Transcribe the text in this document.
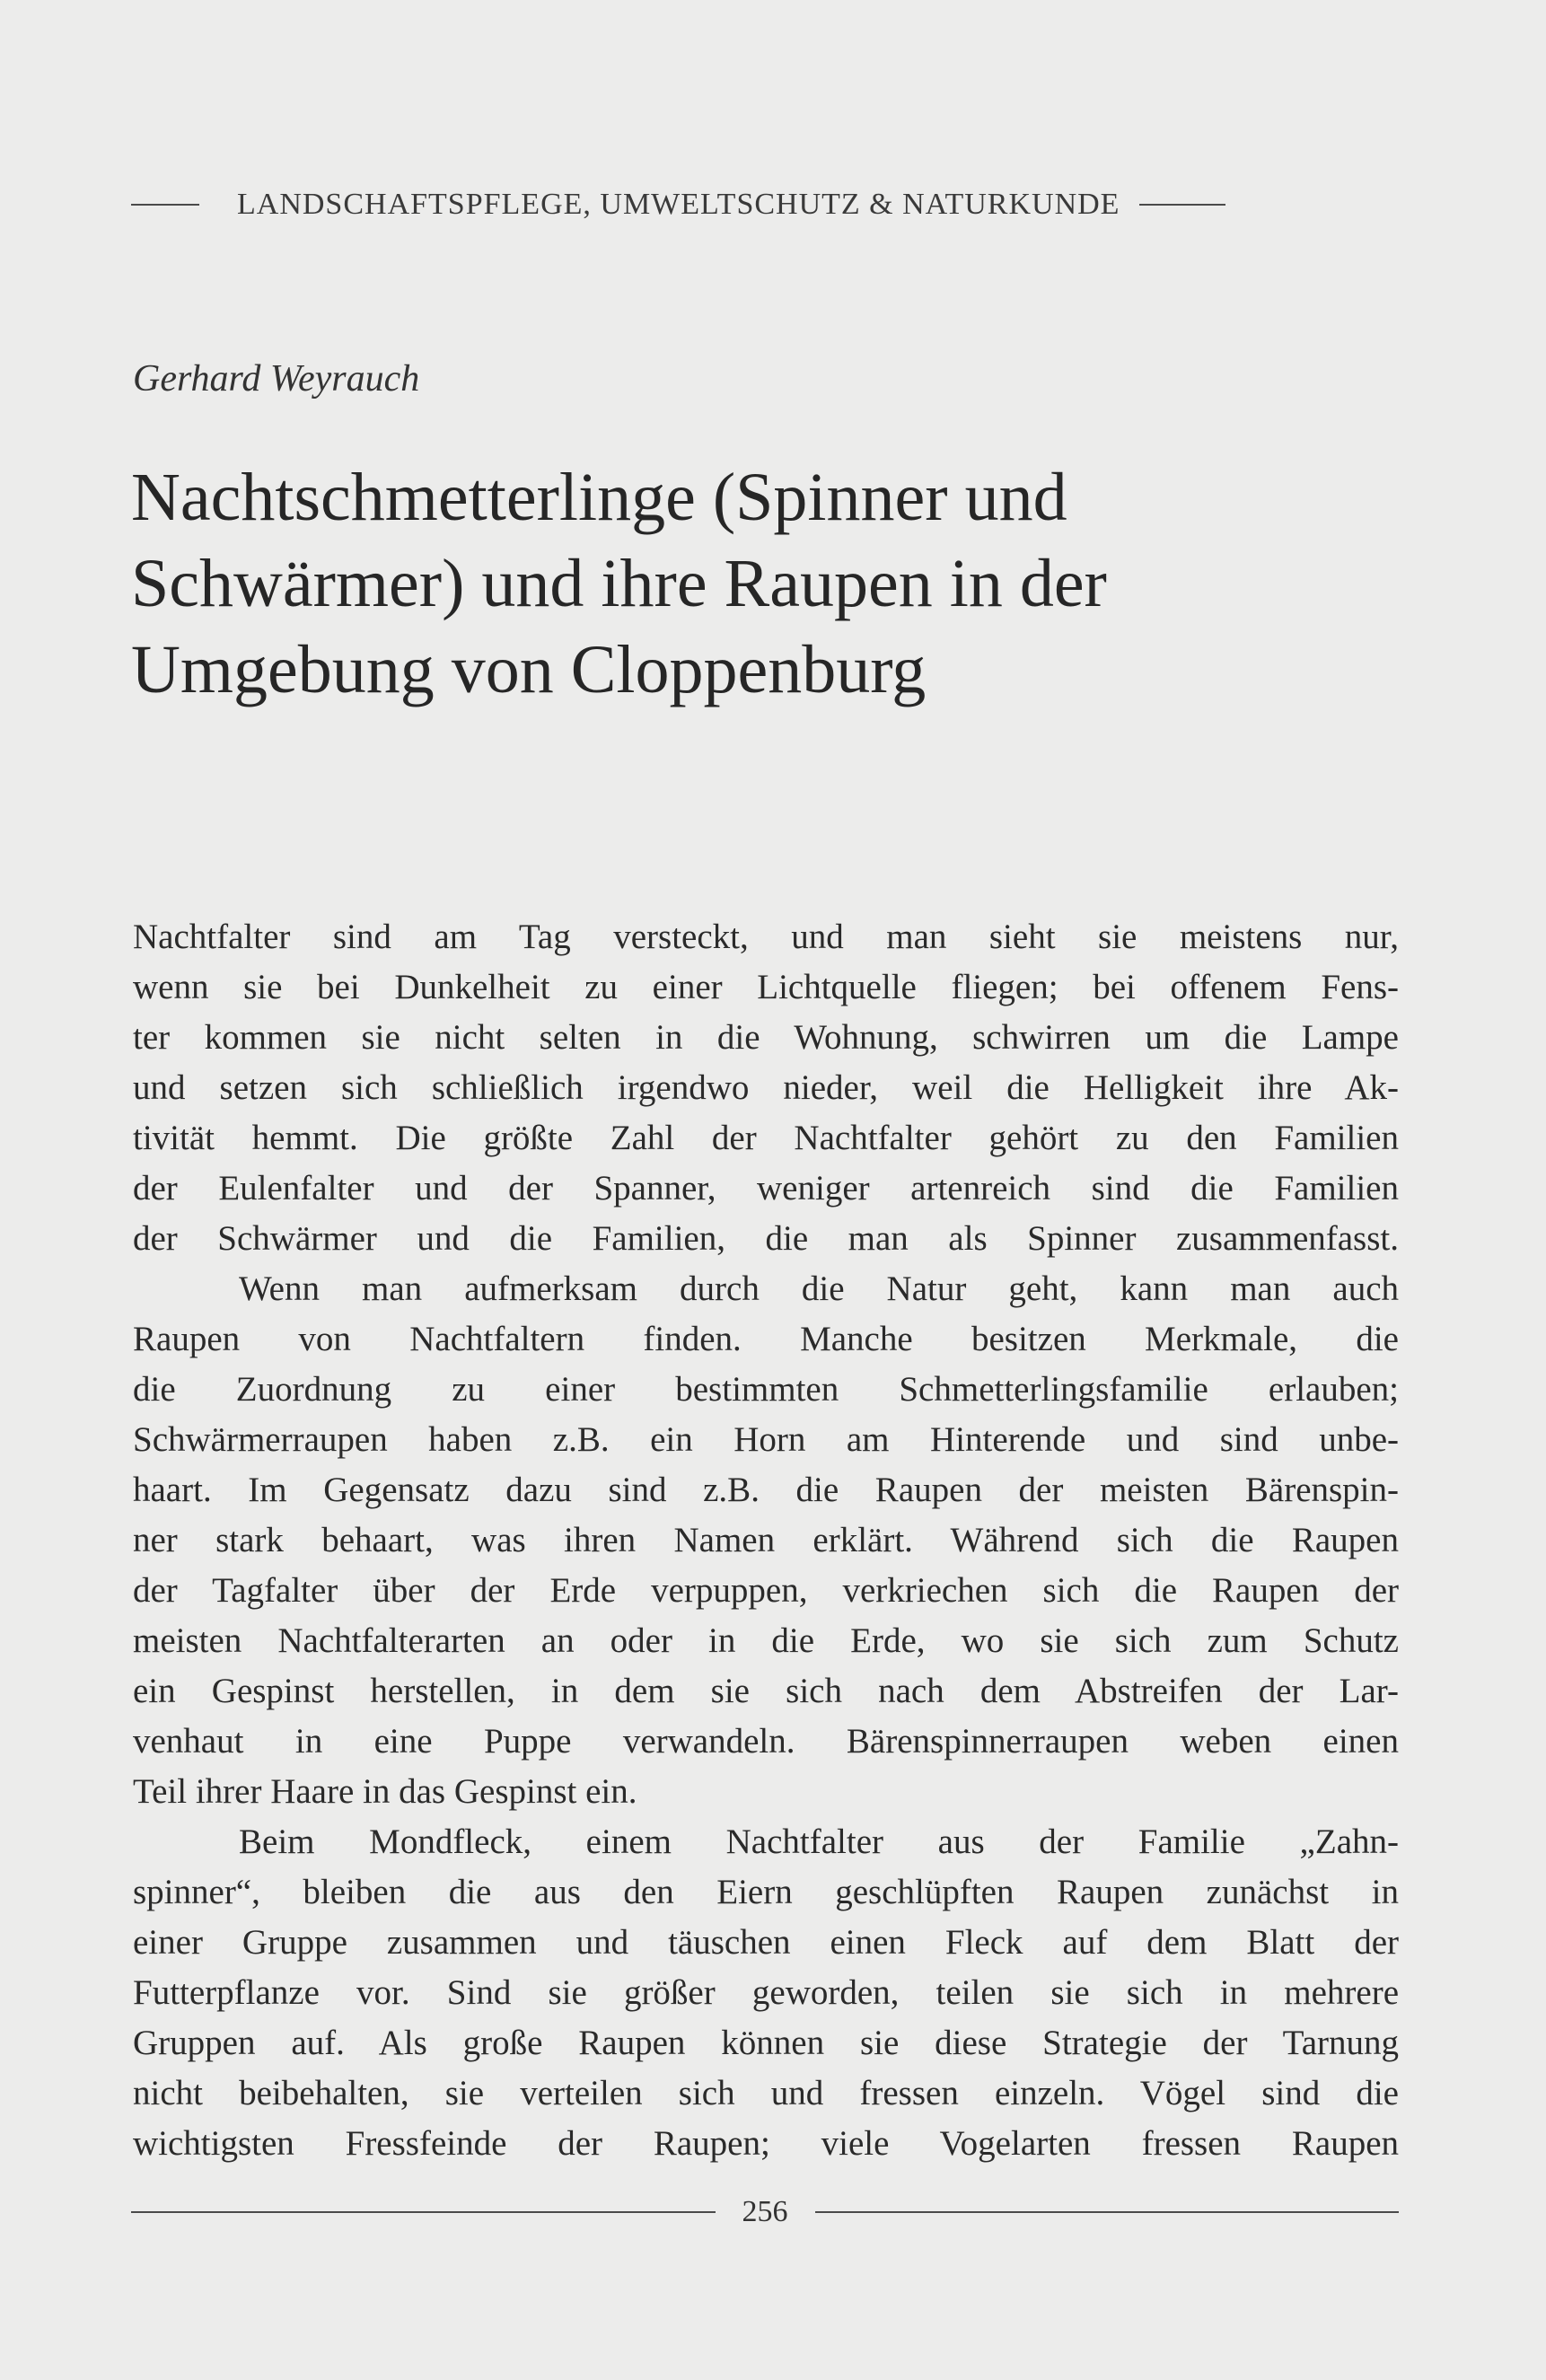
LANDSCHAFTSPFLEGE, UMWELTSCHUTZ & NATURKUNDE
Gerhard Weyrauch
Nachtschmetterlinge (Spinner und
Schwärmer) und ihre Raupen in der
Umgebung von Cloppenburg
Nachtfalter sind am Tag versteckt, und man sieht sie meistens nur,
wenn sie bei Dunkelheit zu einer Lichtquelle fliegen; bei offenem Fens-
ter kommen sie nicht selten in die Wohnung, schwirren um die Lampe
und setzen sich schließlich irgendwo nieder, weil die Helligkeit ihre Ak-
tivität hemmt. Die größte Zahl der Nachtfalter gehört zu den Familien
der Eulenfalter und der Spanner, weniger artenreich sind die Familien
der Schwärmer und die Familien, die man als Spinner zusammenfasst.
Wenn man aufmerksam durch die Natur geht, kann man auch
Raupen von Nachtfaltern finden. Manche besitzen Merkmale, die
die Zuordnung zu einer bestimmten Schmetterlingsfamilie erlauben;
Schwärmerraupen haben z.B. ein Horn am Hinterende und sind unbe-
haart. Im Gegensatz dazu sind z.B. die Raupen der meisten Bärenspin-
ner stark behaart, was ihren Namen erklärt. Während sich die Raupen
der Tagfalter über der Erde verpuppen, verkriechen sich die Raupen der
meisten Nachtfalterarten an oder in die Erde, wo sie sich zum Schutz
ein Gespinst herstellen, in dem sie sich nach dem Abstreifen der Lar-
venhaut in eine Puppe verwandeln. Bärenspinnerraupen weben einen
Teil ihrer Haare in das Gespinst ein.
Beim Mondfleck, einem Nachtfalter aus der Familie „Zahn-
spinner“, bleiben die aus den Eiern geschlüpften Raupen zunächst in
einer Gruppe zusammen und täuschen einen Fleck auf dem Blatt der
Futterpflanze vor. Sind sie größer geworden, teilen sie sich in mehrere
Gruppen auf. Als große Raupen können sie diese Strategie der Tarnung
nicht beibehalten, sie verteilen sich und fressen einzeln. Vögel sind die
wichtigsten Fressfeinde der Raupen; viele Vogelarten fressen Raupen
256
